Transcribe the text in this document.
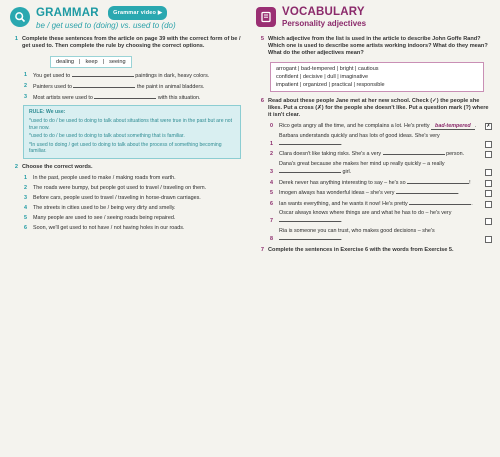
GRAMMAR	Grammar video ▶
be / get used to (doing) vs. used to (do)
1 Complete these sentences from the article on page 39 with the correct form of be / get used to. Then complete the rule by choosing the correct options.
dealing | keep | seeing
1	You get used to	paintings in dark, heavy colors.
2	Painters used to	the paint in animal bladders.
3	Most artists were used to	with this situation.
RULE: We use:

*used to do / be used to doing to talk about situations that were true in the past but are not true now.

*used to do / be used to doing to talk about something that is familiar.

*In used to doing / get used to doing to talk about the process of something becoming familiar.

2 Choose the correct words.
1	In the past, people used to make / making roads from earth.
2	The roads were bumpy, but people got used to travel / traveling on them.
3	Before cars, people used to travel / traveling in horse-drawn carriages.
4	The streets in cities used to be / being very dirty and smelly.
5	Many people are used to see / seeing roads being repaired.
6	Soon, we'll get used to not have / not having holes in our roads.
VOCABULARY
Personality adjectives
5 Which adjective from the list is used in the article to describe John Goffe Rand? Which one is used to describe some artists working indoors? What do they mean? What do the other adjectives mean?
arrogant | bad-tempered | bright | cautious
confident | decisive | dull | imaginative
impatient | organized | practical | responsible
6 Read about these people Jane met at her new school. Check (✓) the people she likes. Put a cross (✗) for the people she doesn't like. Put a question mark (?) where it isn't clear.
0	Rico gets angry all the time, and he complains a lot. He's pretty bad-tempered .	✗
1
Barbara understands quickly and has lots of good ideas. She's very .
2	Clara doesn't like taking risks. She's a very	person.
3
Dana's great because she makes her mind up really quickly – a really  girl.
4	Derek never has anything interesting to say – he's so	!
5	Imogen always has wonderful ideas – she's very	.
6	Ian wants everything, and he wants it now! He's pretty	.
7
Oscar always knows where things are and what he has to do – he's very .
8
Ria is someone you can trust, who makes good decisions – she's .
7 Complete the sentences in Exercise 6 with the words from Exercise 5.
